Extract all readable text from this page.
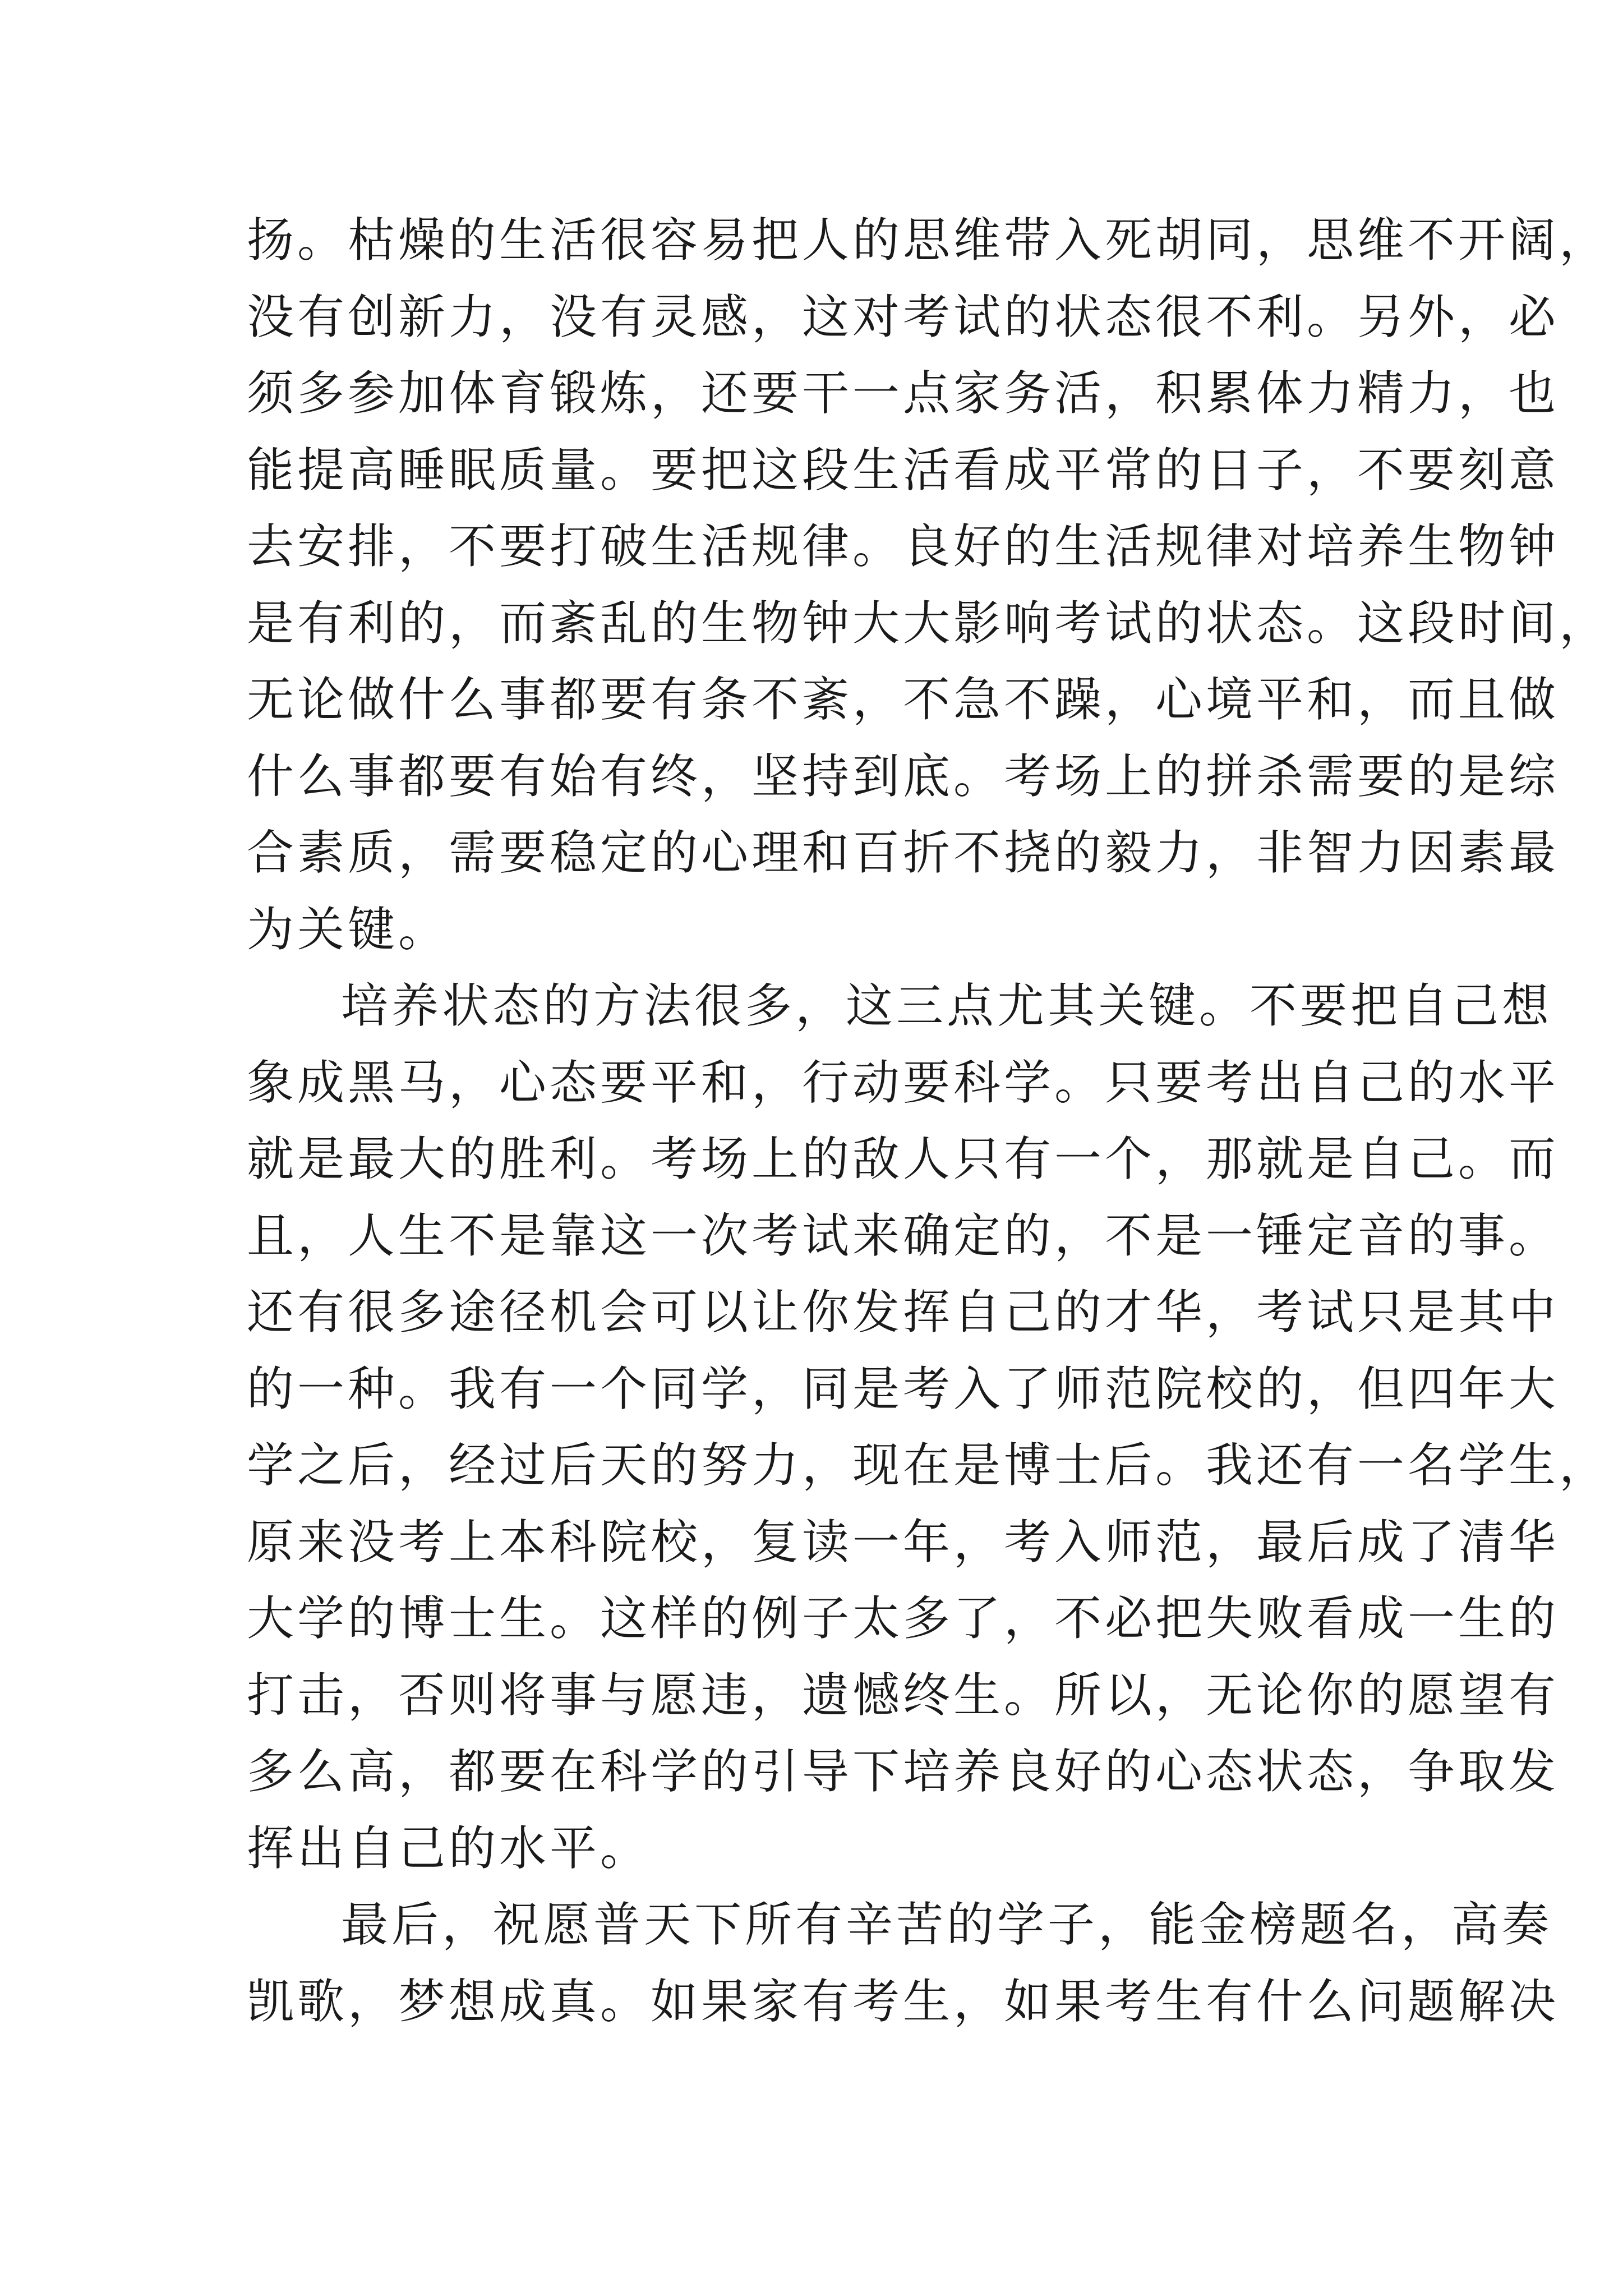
扬。枯燥的生活很容易把人的思维带入死胡同，思维不开阔，
没有创新力，没有灵感，这对考试的状态很不利。另外，必
须多参加体育锻炼，还要干一点家务活，积累体力精力，也
能提高睡眠质量。要把这段生活看成平常的日子，不要刻意
去安排，不要打破生活规律。良好的生活规律对培养生物钟
是有利的，而紊乱的生物钟大大影响考试的状态。这段时间，
无论做什么事都要有条不紊，不急不躁，心境平和，而且做
什么事都要有始有终，坚持到底。考场上的拼杀需要的是综
合素质，需要稳定的心理和百折不挠的毅力，非智力因素最
为关键。
培养状态的方法很多，这三点尤其关键。不要把自己想
象成黑马，心态要平和，行动要科学。只要考出自己的水平
就是最大的胜利。考场上的敌人只有一个，那就是自己。而
且，人生不是靠这一次考试来确定的，不是一锤定音的事。
还有很多途径机会可以让你发挥自己的才华，考试只是其中
的一种。我有一个同学，同是考入了师范院校的，但四年大
学之后，经过后天的努力，现在是博士后。我还有一名学生，
原来没考上本科院校，复读一年，考入师范，最后成了清华
大学的博士生。这样的例子太多了，不必把失败看成一生的
打击，否则将事与愿违，遗憾终生。所以，无论你的愿望有
多么高，都要在科学的引导下培养良好的心态状态，争取发
挥出自己的水平。
最后，祝愿普天下所有辛苦的学子，能金榜题名，高奏
凯歌，梦想成真。如果家有考生，如果考生有什么问题解决
